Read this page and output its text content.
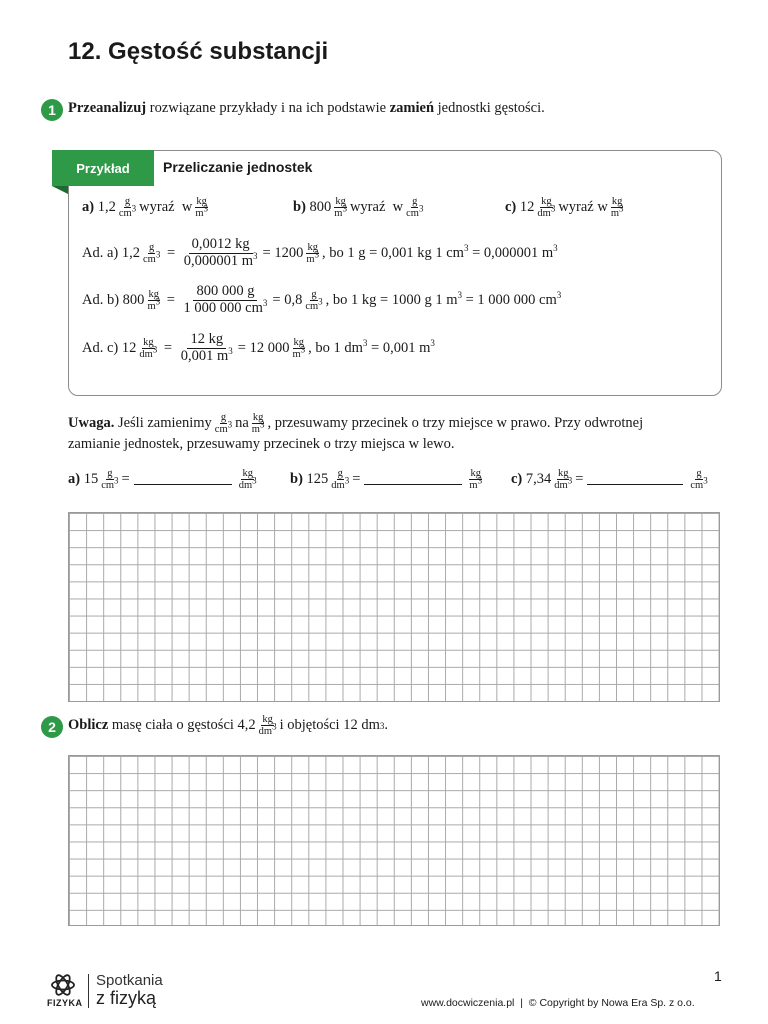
12. Gęstość substancji
1 Przeanalizuj
rozwiązane przykłady i na ich podstawie
zamień
jednostki gęstości.
Przykład	Przeliczanie jednostek
a)
$1,2 \frac{g}{cm^3}$ wyraź  w $\frac{kg}{m^3}$	b)
$800 \frac{kg}{m^3}$ wyraź  w $\frac{g}{cm^3}$	c)
$12 \frac{kg}{dm^3}$ wyraź w $\frac{kg}{m^3}$
Ad. a) $1,2 \frac{g}{cm^3} = \frac{0,0012 kg}{0,000001 m^3} = 1200 \frac{kg}{m^3}$ , bo 1 g = 0,001 kg 1 $cm^3 = 0,000001$ $m^3$
Ad. b) $800 \frac{kg}{m^3} = \frac{800 000 g}{1 000 000 cm^3} = 0,8 \frac{g}{cm^3}$ , bo 1 kg = 1000 g 1 $m^3 = 1$ 000 000 $cm^3$
Ad. c) $12 \frac{kg}{dm^3} = \frac{12 kg}{0,001 m^3} = 12$ $000 \frac{kg}{m^3}$ , bo 1 $dm^3 = 0,001$ $m^3$
Uwaga.
Jeśli zamienimy $\frac{g}{cm^3}$ na $\frac{kg}{m^3}$ , przesuwamy przecinek o trzy miejsce w prawo. Przy odwrotnej
zamianie jednostek, przesuwamy przecinek o trzy miejsca w lewo.
a)
$15 \frac{g}{cm^3}$ =	$\frac{kg}{dm^3} b$)
$125 \frac{g}{dm^3}$ =	$\frac{kg}{m^3} c$)
$7,34 \frac{kg}{dm^3}$ =	$\frac{g}{cm^3}$
2 Oblicz
masę ciała o gęstości $4,2 \frac{kg}{dm^3}$ i objętości 12 dm 3 .
FIZYKA
Spotkania
z fizyką
1
www.docwiczenia.pl | © Copyright by Nowa Era Sp. z o.o.
